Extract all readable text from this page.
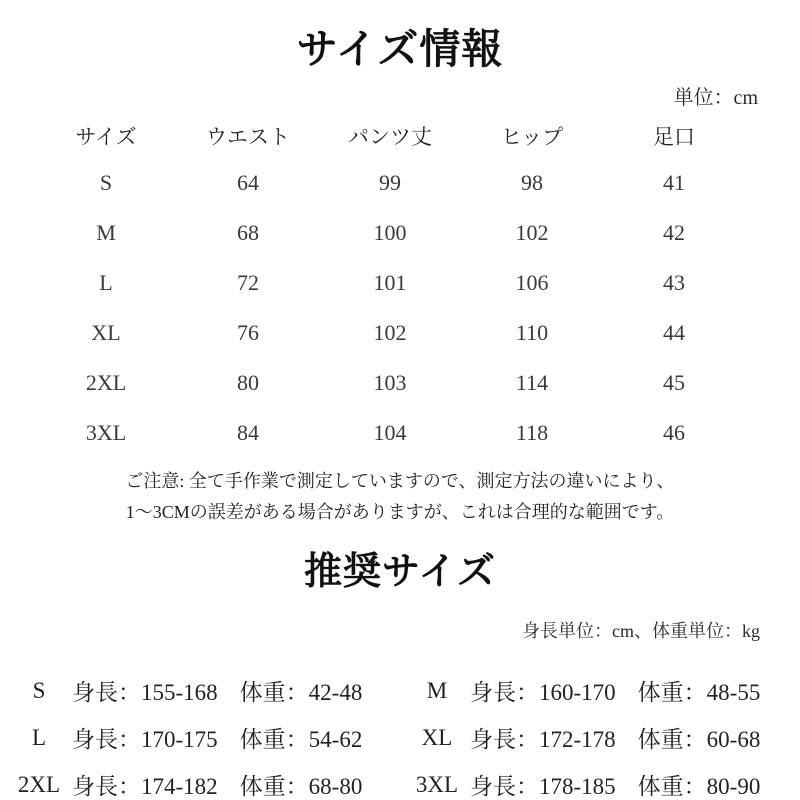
サイズ情報
単位：cm
サイズ	ウエスト	パンツ丈	ヒップ	足口
S	64	99	98	41
M	68	100	102	42
L	72	101	106	43
XL	76	102	110	44
2XL	80	103	114	45
3XL	84	104	118	46
ご注意: 全て手作業で測定していますので、測定方法の違いにより、
1～3CMの誤差がある場合がありますが、これは合理的な範囲です。
推奨サイズ
身長単位：cm、体重単位：kg
S	身長：155-168 体重：42-48	M 身長：160-170 体重：48-55
L	身長：170-175 体重：54-62	XL 身長：172-178 体重：60-68
2XL 身長：174-182 体重：68-80 3XL 身長：178-185 体重：80-90
